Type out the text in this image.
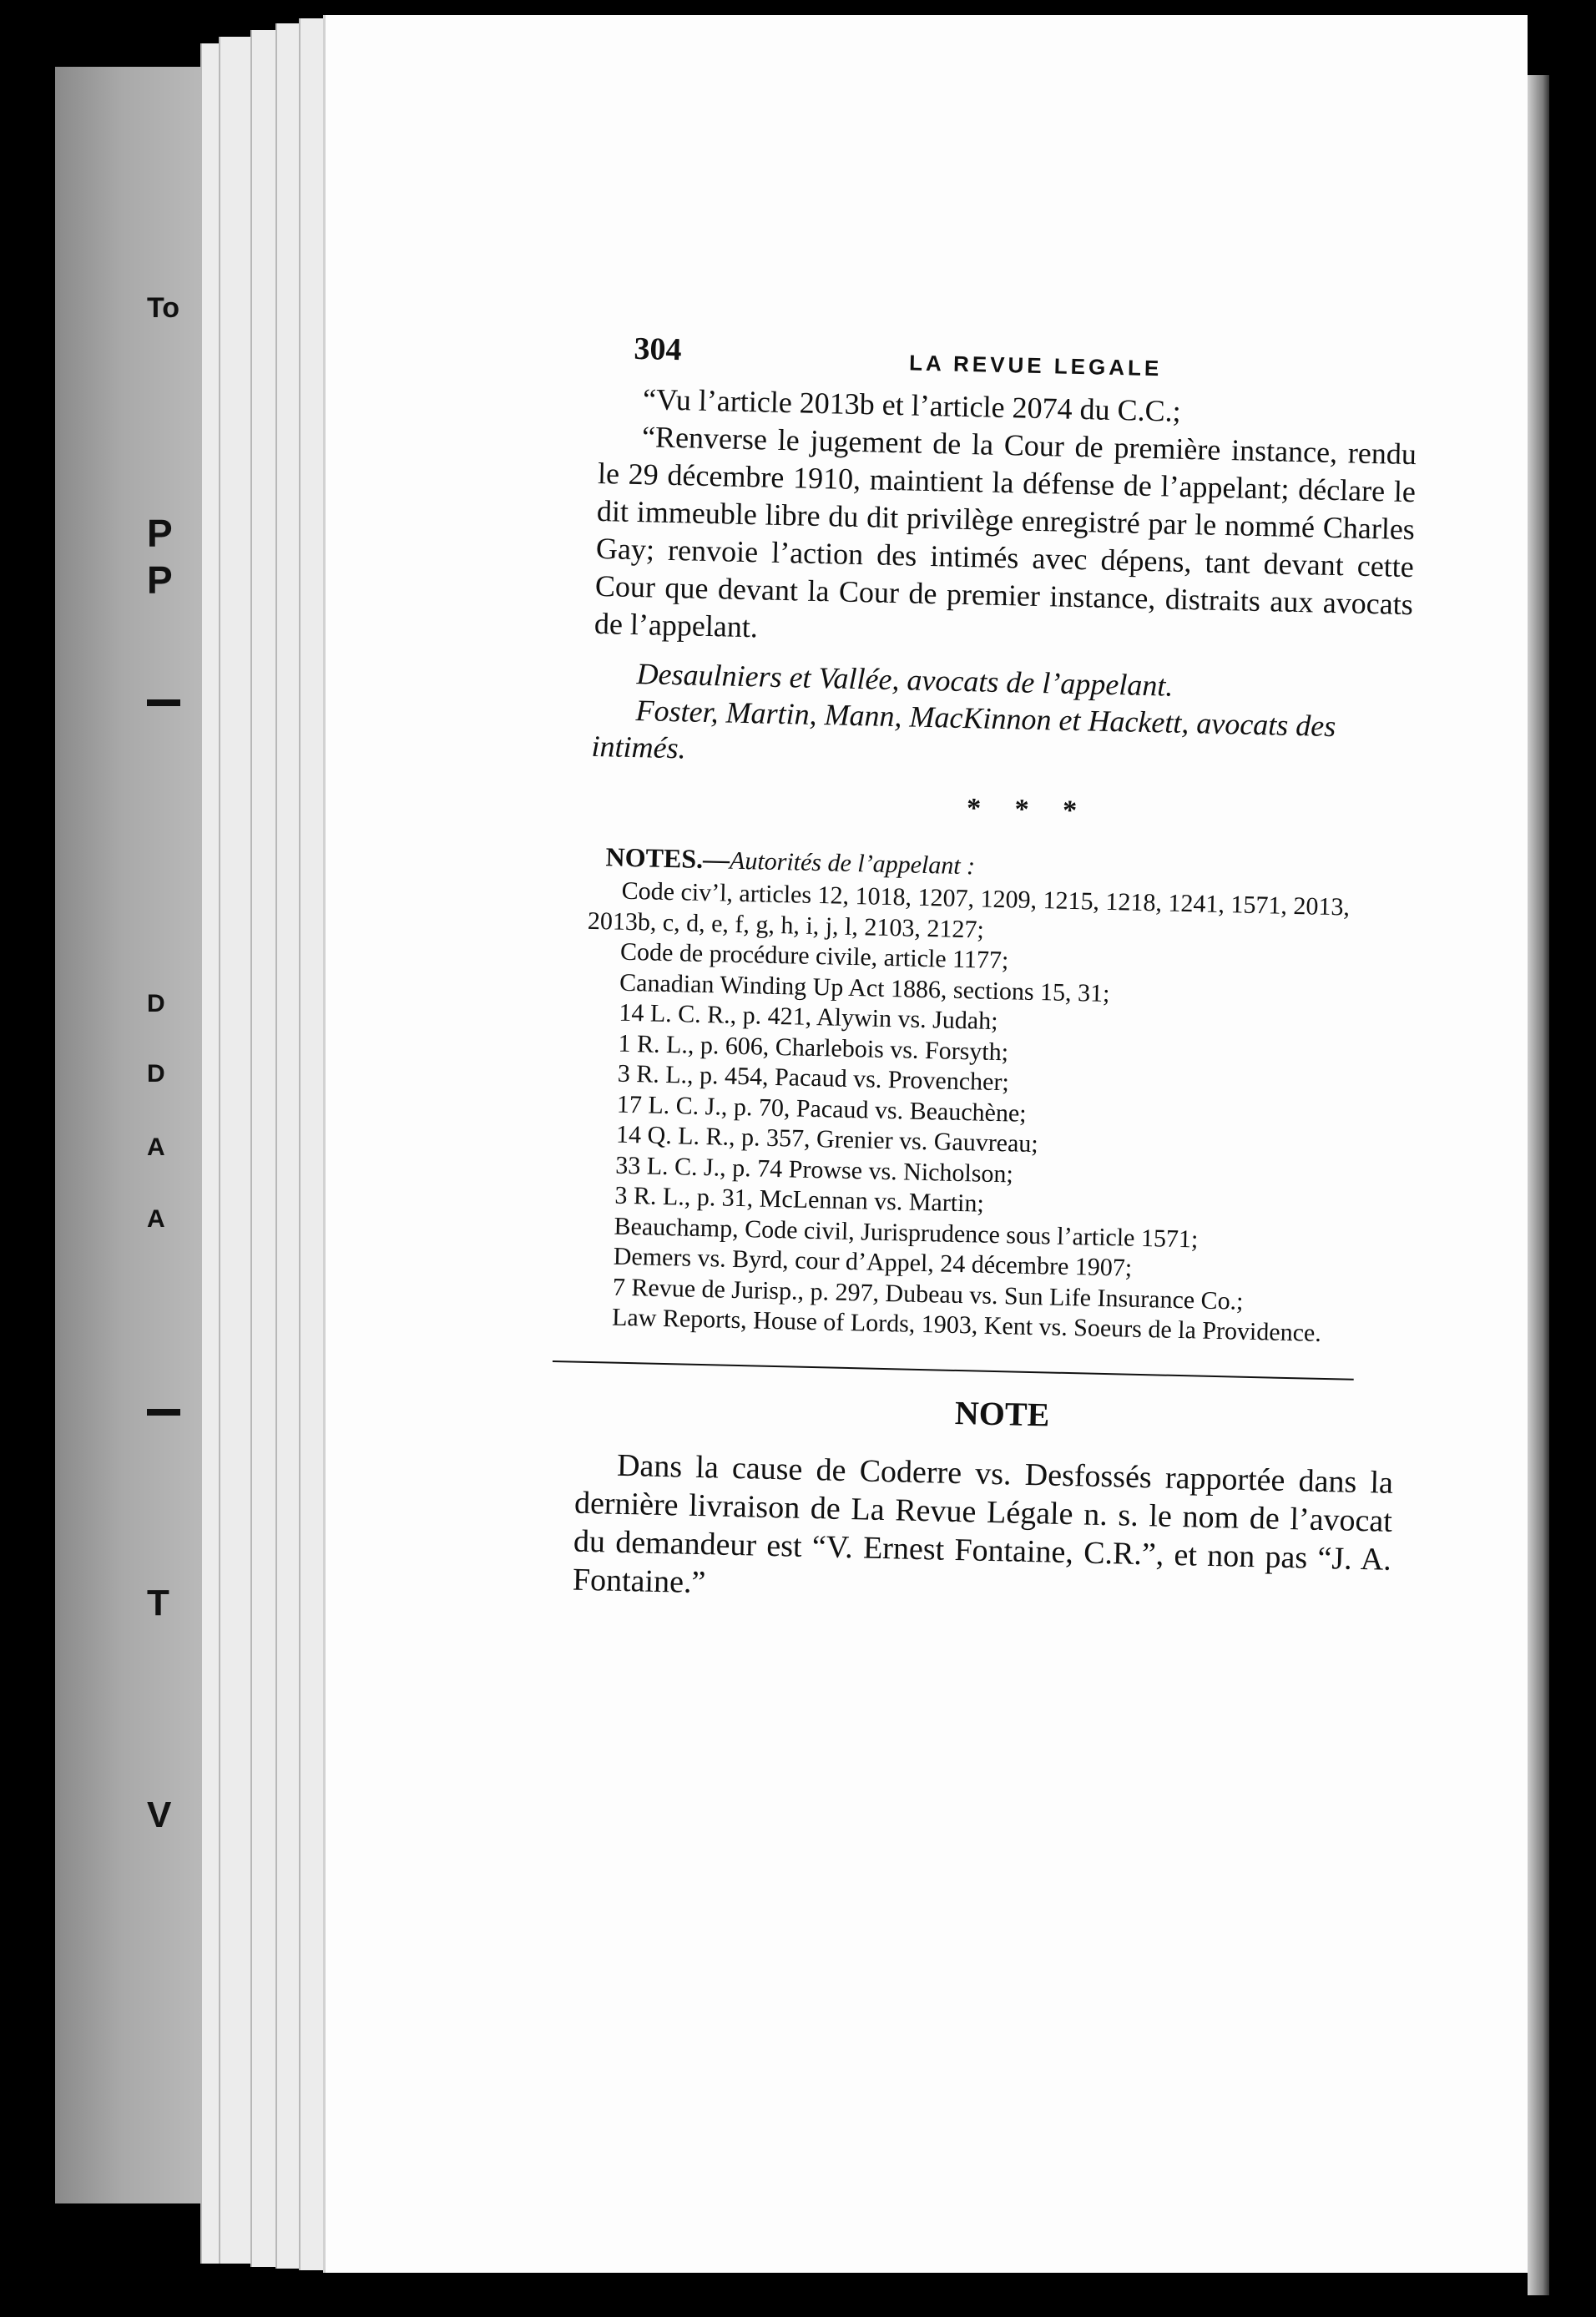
To
P
P
D
D
A
A
T
V
304	LA REVUE LEGALE

“Vu l’article 2013b et l’article 2074 du C.C.;

“Renverse le jugement de la Cour de première instance, rendu le 29 décembre 1910, maintient la défense de l’appelant; déclare le dit immeuble libre du dit privilège enregistré par le nommé Charles Gay; renvoie l’action des intimés avec dépens, tant devant cette Cour que devant la Cour de premier instance, distraits aux avocats de l’appelant.

Desaulniers et Vallée, avocats de l’appelant.

Foster, Martin, Mann, MacKinnon et Hackett, avocats des intimés.

* * *

NOTES.—Autorités de l’appelant :

Code civ’l, articles 12, 1018, 1207, 1209, 1215, 1218, 1241, 1571, 2013, 2013b, c, d, e, f, g, h, i, j, l, 2103, 2127;
Code de procédure civile, article 1177;
Canadian Winding Up Act 1886, sections 15, 31;
14 L. C. R., p. 421, Alywin vs. Judah;
1 R. L., p. 606, Charlebois vs. Forsyth;
3 R. L., p. 454, Pacaud vs. Provencher;
17 L. C. J., p. 70, Pacaud vs. Beauchène;
14 Q. L. R., p. 357, Grenier vs. Gauvreau;
33 L. C. J., p. 74 Prowse vs. Nicholson;
3 R. L., p. 31, McLennan vs. Martin;
Beauchamp, Code civil, Jurisprudence sous l’article 1571;
Demers vs. Byrd, cour d’Appel, 24 décembre 1907;
7 Revue de Jurisp., p. 297, Dubeau vs. Sun Life Insurance Co.;
Law Reports, House of Lords, 1903, Kent vs. Soeurs de la Providence.
NOTE

Dans la cause de Coderre vs. Desfossés rapportée dans la dernière livraison de La Revue Légale n. s. le nom de l’avocat du demandeur est “V. Ernest Fontaine, C.R.”, et non pas “J. A. Fontaine.”
